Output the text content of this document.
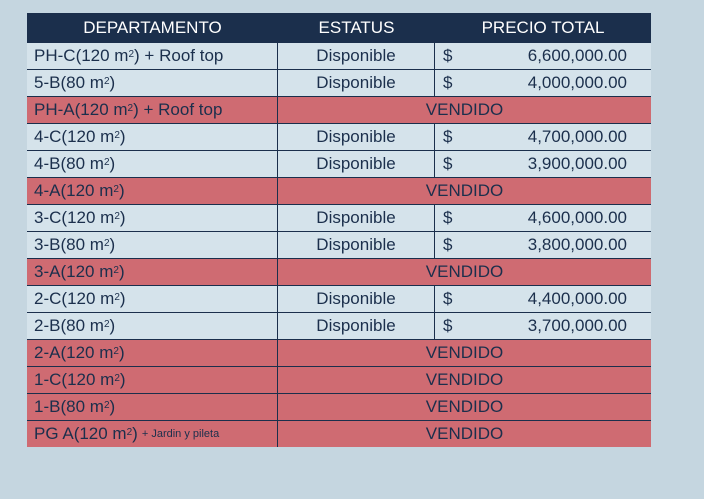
DEPARTAMENTO	ESTATUS	PRECIO TOTAL
PH-C (120 $m^2$ ) + Roof top	Disponible	$	6,600,000.00
5-B (80 $m^2$ )	Disponible	$	4,000,000.00
PH-A (120 $m^2$ ) + Roof top	VENDIDO
4-C (120 $m^2$ )	Disponible	$	4,700,000.00
4-B (80 $m^2$ )	Disponible	$	3,900,000.00
4-A (120 $m^2$ )	VENDIDO
3-C (120 $m^2$ )	Disponible	$	4,600,000.00
3-B (80 $m^2$ )	Disponible	$	3,800,000.00
3-A (120 $m^2$ )	VENDIDO
2-C (120 $m^2$ )	Disponible	$	4,400,000.00
2-B (80 $m^2$ )	Disponible	$	3,700,000.00
2-A (120 $m^2$ )	VENDIDO
1-C (120 $m^2$ )	VENDIDO
1-B (80 $m^2$ )	VENDIDO
PG A (120 $m^2$ ) + Jardin y pileta	VENDIDO
